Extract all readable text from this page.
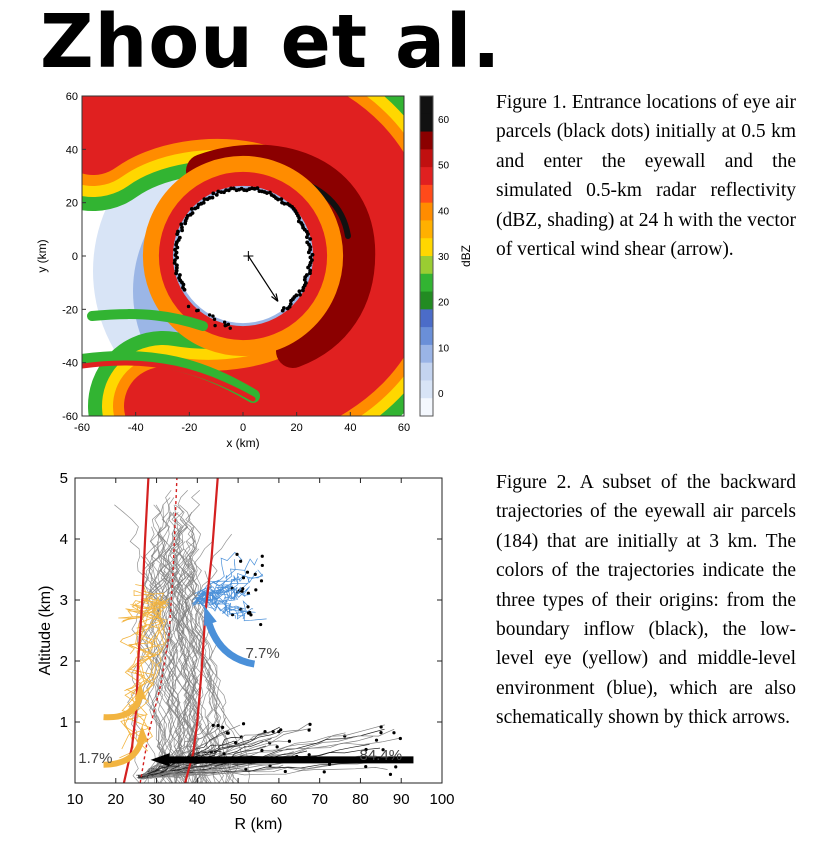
Zhou et al.
-60	-40	-20	0	20	40	60
60
40
20
0
-20
-40
-60
x (km)
y (km)
60
50
40
30
20
10
0
dBZ
Figure 1. Entrance locations of eye air parcels (black dots) initially at 0.5 km and enter the eyewall and the simulated 0.5-km radar reflectivity (dBZ, shading) at 24 h with the vector of vertical wind shear (arrow).
7.7%
84.4%
1.7%
10 20 30 40 50 60 70 80 90 100
5
4
3
2
1
R (km)
Altitude (km)
Figure 2. A subset of the backward trajectories of the eyewall air parcels (184) that are initially at 3 km. The colors of the trajectories indicate the three types of their origins: from the boundary inflow (black), the low-level eye (yellow) and middle-level environment (blue), which are also schematically shown by thick arrows.
